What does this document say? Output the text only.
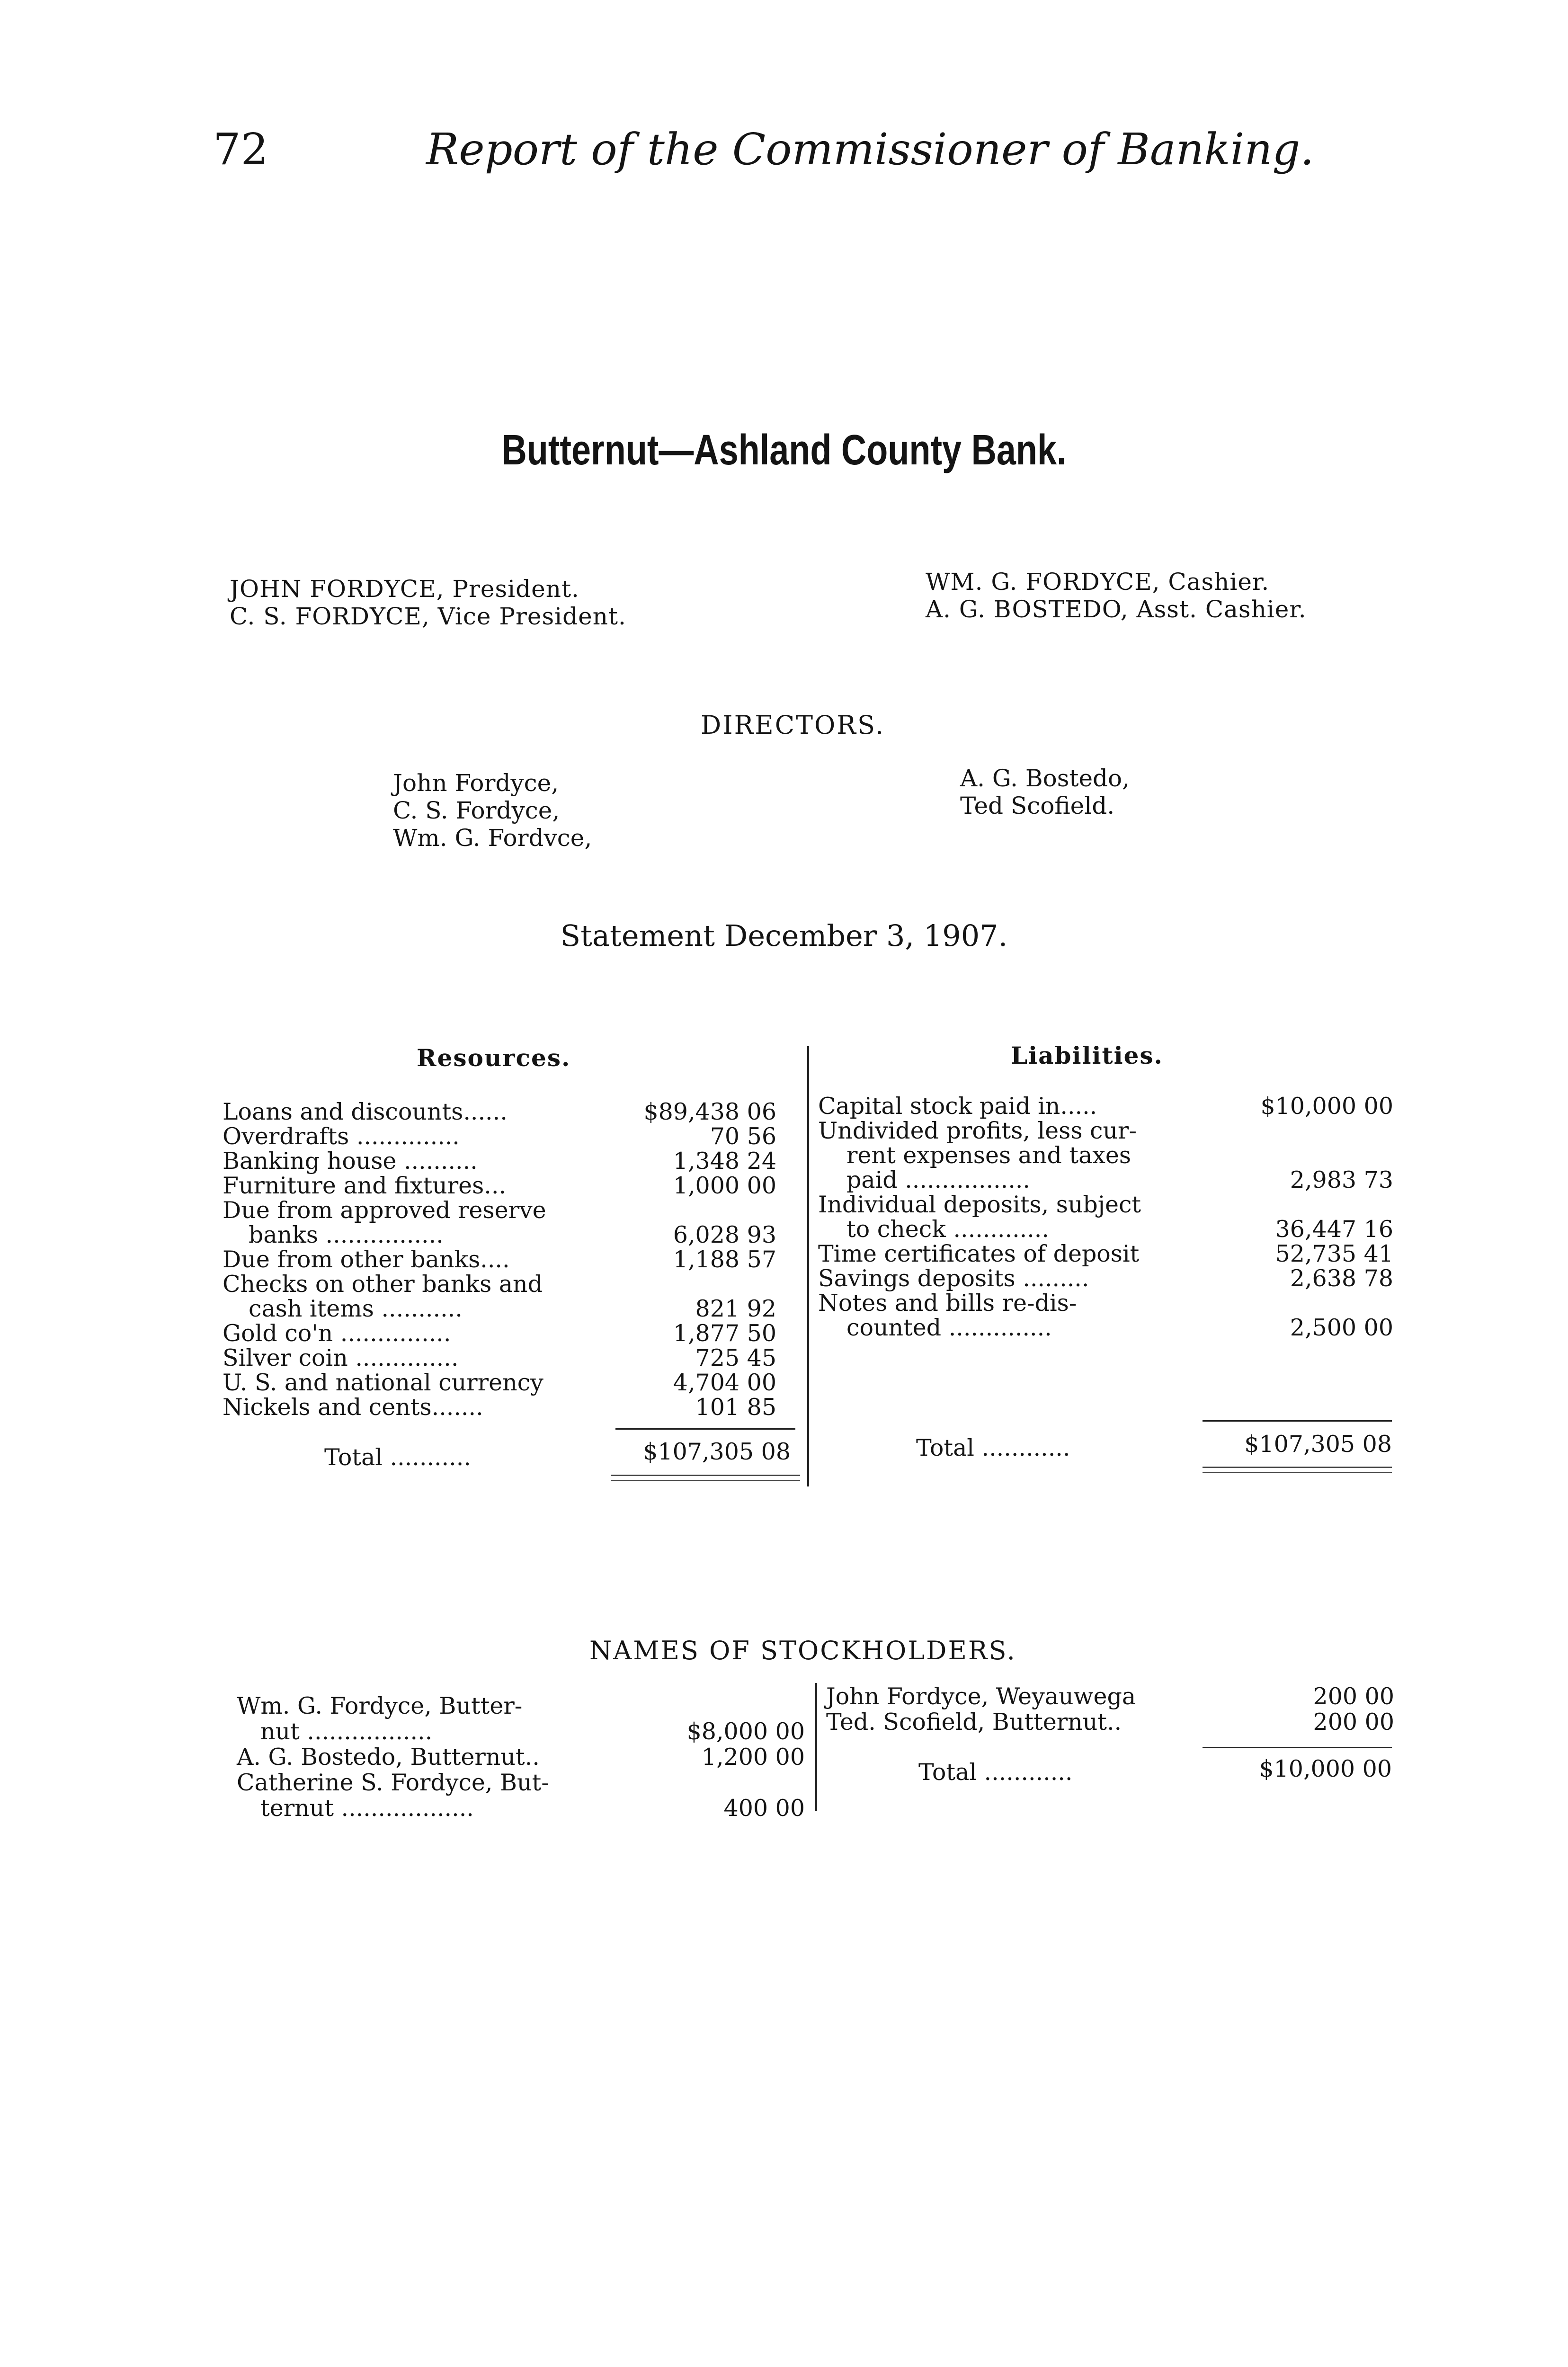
72	Report of the Commissioner of Banking.
Butternut—Ashland County Bank.
JOHN FORDYCE, President.
C. S. FORDYCE, Vice President.
WM. G. FORDYCE, Cashier.
A. G. BOSTEDO, Asst. Cashier.
DIRECTORS.
John Fordyce,
C. S. Fordyce,
Wm. G. Fordvce,
A. G. Bostedo,
Ted Scofield.
Statement December 3, 1907.
Resources.	Liabilities.
Loans and discounts......	$89,438 06
Overdrafts ..............	70 56
Banking house ..........	1,348 24
Furniture and fixtures...	1,000 00
Due from approved reserve
banks ................	6,028 93
Due from other banks....	1,188 57
Checks on other banks and
cash items ...........	821 92
Gold co'n ...............	1,877 50
Silver coin ..............	725 45
U. S. and national currency	4,704 00
Nickels and cents.......	101 85
Total ...........	$107,305 08
Capital stock paid in.....	$10,000 00
Undivided profits, less cur-
rent expenses and taxes
paid .................	2,983 73
Individual deposits, subject
to check .............	36,447 16
Time certificates of deposit	52,735 41
Savings deposits .........	2,638 78
Notes and bills re-dis-
counted ..............	2,500 00
Total ............	$107,305 08
NAMES OF STOCKHOLDERS.
Wm. G. Fordyce, Butter-
nut .................	$8,000 00
A. G. Bostedo, Butternut..	1,200 00
Catherine S. Fordyce, But-
ternut ..................	400 00
John Fordyce, Weyauwega	200 00
Ted. Scofield, Butternut..	200 00
Total ............	$10,000 00
